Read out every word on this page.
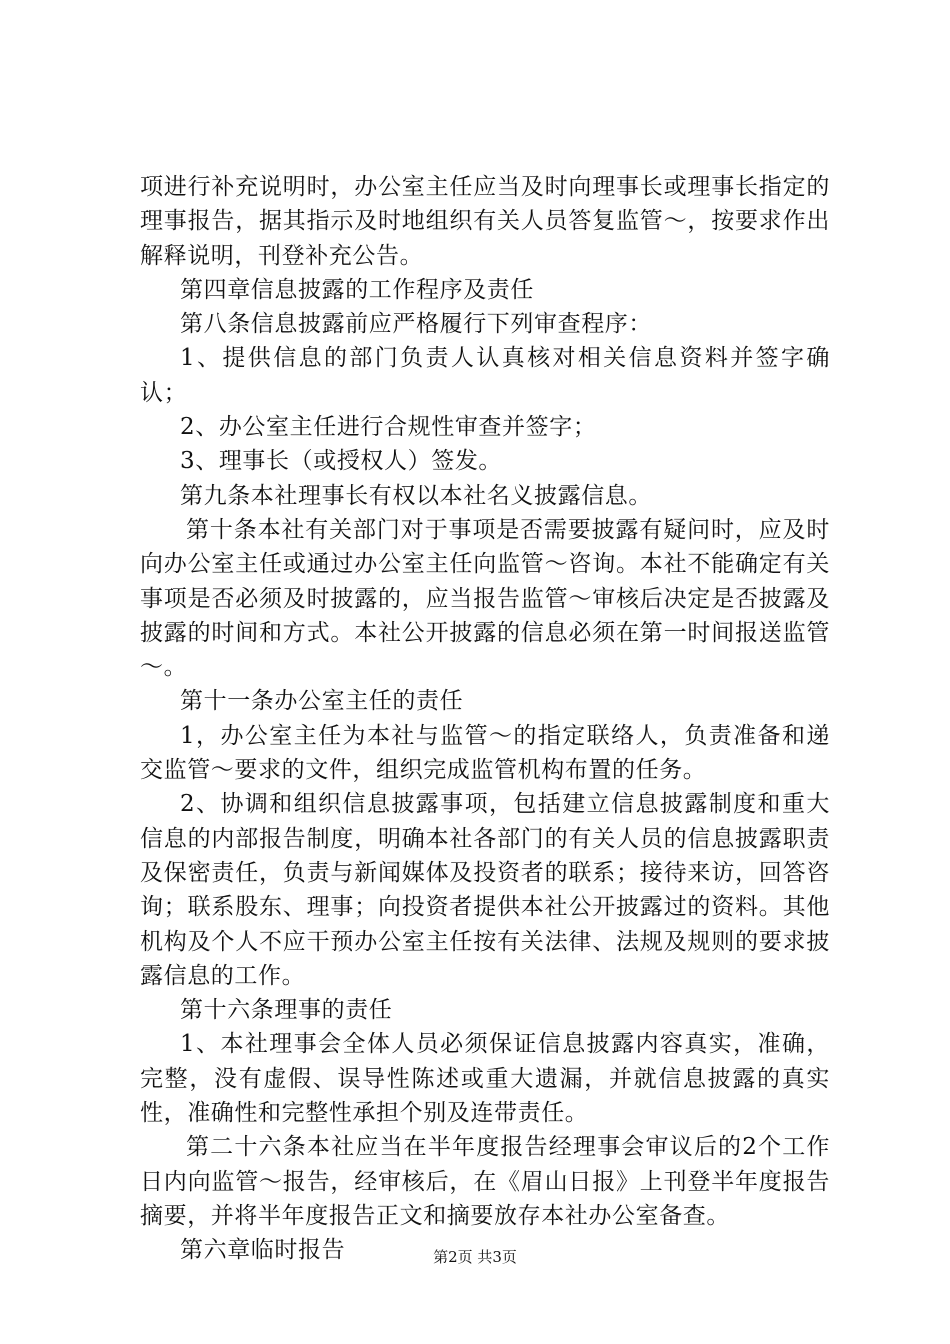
项进行补充说明时，办公室主任应当及时向理事长或理事长指定的理事报告，据其指示及时地组织有关人员答复监管～，按要求作出解释说明，刊登补充公告。

第四章信息披露的工作程序及责任

第八条信息披露前应严格履行下列审查程序：

1、提供信息的部门负责人认真核对相关信息资料并签字确认；

2、办公室主任进行合规性审查并签字；

3、理事长（或授权人）签发。

第九条本社理事长有权以本社名义披露信息。

第十条本社有关部门对于事项是否需要披露有疑问时，应及时向办公室主任或通过办公室主任向监管～咨询。本社不能确定有关事项是否必须及时披露的，应当报告监管～审核后决定是否披露及披露的时间和方式。本社公开披露的信息必须在第一时间报送监管～。

第十一条办公室主任的责任

1，办公室主任为本社与监管～的指定联络人，负责准备和递交监管～要求的文件，组织完成监管机构布置的任务。

2、协调和组织信息披露事项，包括建立信息披露制度和重大信息的内部报告制度，明确本社各部门的有关人员的信息披露职责及保密责任，负责与新闻媒体及投资者的联系；接待来访，回答咨询；联系股东、理事；向投资者提供本社公开披露过的资料。其他机构及个人不应干预办公室主任按有关法律、法规及规则的要求披露信息的工作。

第十六条理事的责任

1、本社理事会全体人员必须保证信息披露内容真实，准确，完整，没有虚假、误导性陈述或重大遗漏，并就信息披露的真实性，准确性和完整性承担个别及连带责任。

第二十六条本社应当在半年度报告经理事会审议后的2个工作日内向监管～报告，经审核后，在《眉山日报》上刊登半年度报告摘要，并将半年度报告正文和摘要放存本社办公室备查。

第六章临时报告	第2页 共3页
